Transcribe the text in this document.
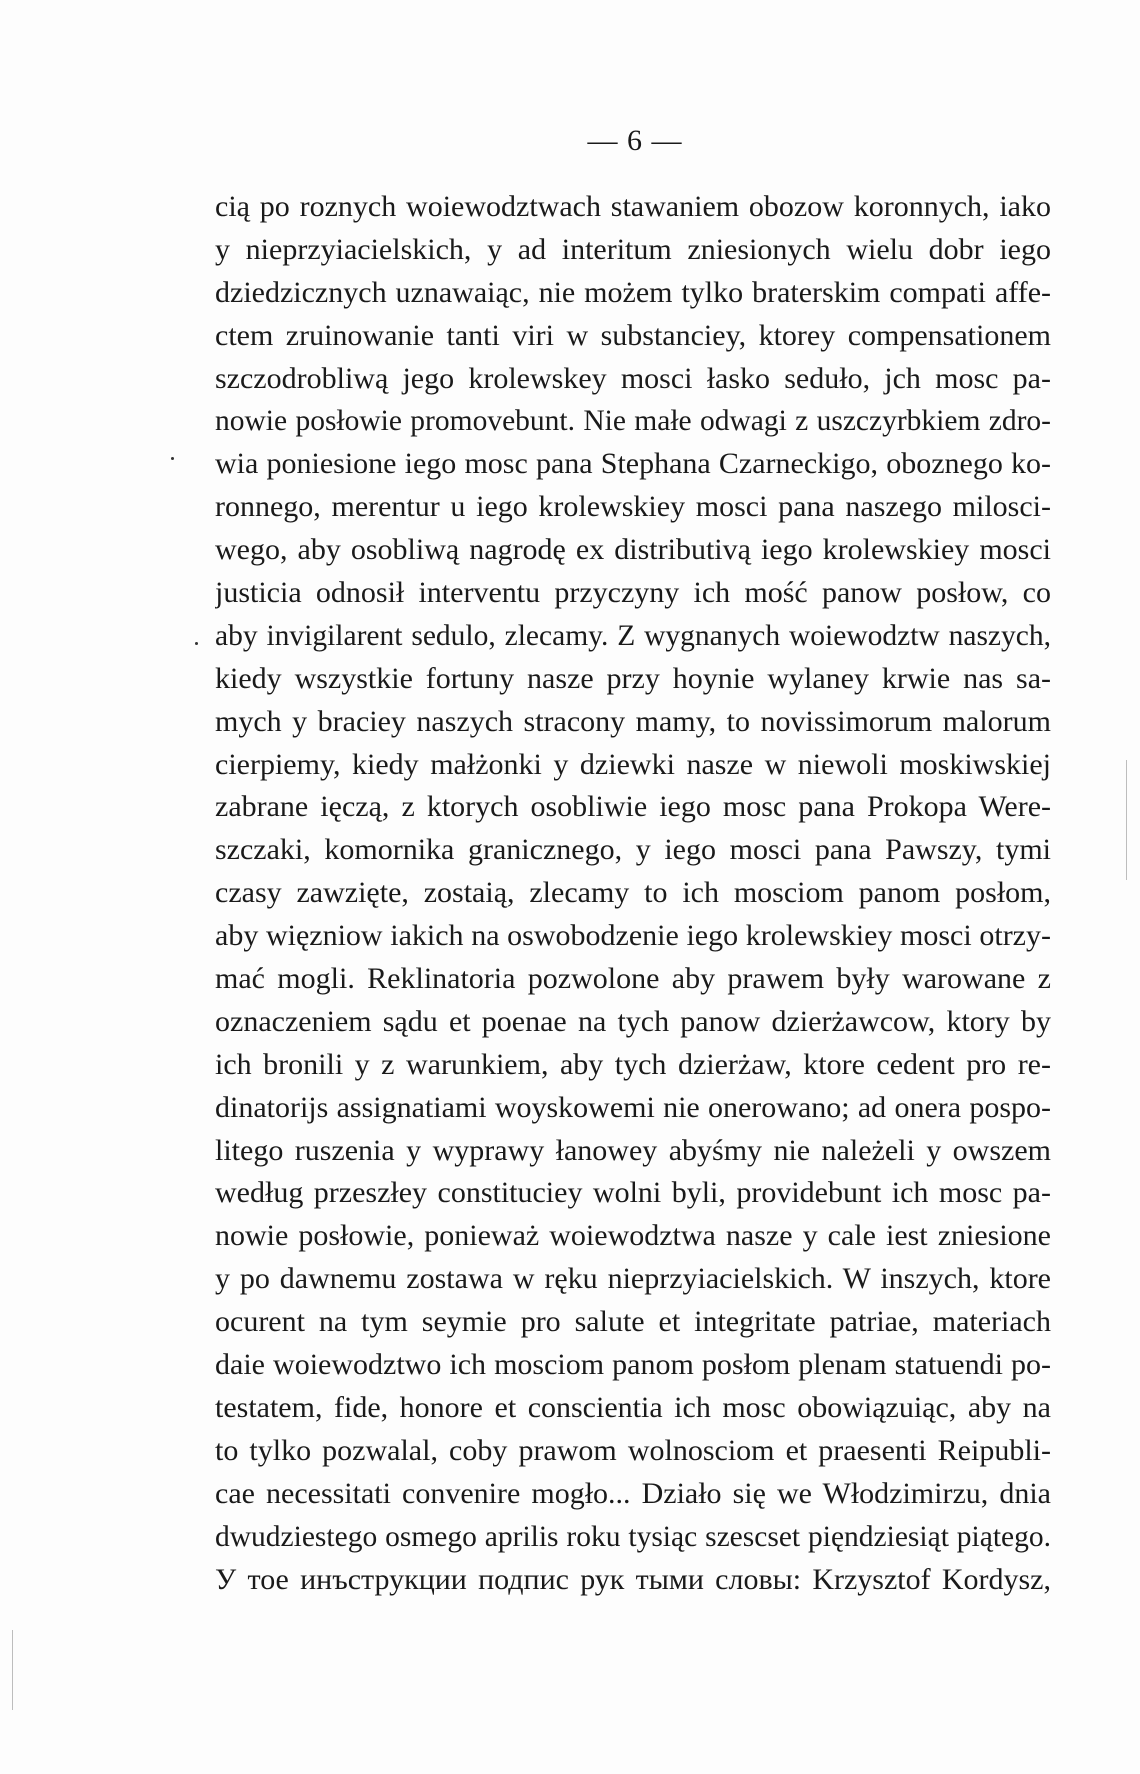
— 6 —
cią po roznych woiewodztwach stawaniem obozow koronnych, iako
y nieprzyiacielskich, y ad interitum zniesionych wielu dobr iego
dziedzicznych uznawaiąc, nie możem tylko braterskim compati affe-
ctem zruinowanie tanti viri w substanciey, ktorey compensationem
szczodrobliwą jego krolewskey mosci łasko seduło, jch mosc pa-
nowie posłowie promovebunt. Nie małe odwagi z uszczyrbkiem zdro-
wia poniesione iego mosc pana Stephana Czarneckigo, oboznego ko-
ronnego, merentur u iego krolewskiey mosci pana naszego milosci-
wego, aby osobliwą nagrodę ex distributivą iego krolewskiey mosci
justicia odnosił interventu przyczyny ich mość panow posłow, co
aby invigilarent sedulo, zlecamy. Z wygnanych woiewodztw naszych,
kiedy wszystkie fortuny nasze przy hoynie wylaney krwie nas sa-
mych y braciey naszych stracony mamy, to novissimorum malorum
cierpiemy, kiedy małżonki y dziewki nasze w niewoli moskiwskiej
zabrane ięczą, z ktorych osobliwie iego mosc pana Prokopa Were-
szczaki, komornika granicznego, y iego mosci pana Pawszy, tymi
czasy zawzięte, zostaią, zlecamy to ich mosciom panom posłom,
aby więzniow iakich na oswobodzenie iego krolewskiey mosci otrzy-
mać mogli. Reklinatoria pozwolone aby prawem były warowane z
oznaczeniem sądu et poenae na tych panow dzierżawcow, ktory by
ich bronili y z warunkiem, aby tych dzierżaw, ktore cedent pro re-
dinatorijs assignatiami woyskowemi nie onerowano; ad onera pospo-
litego ruszenia y wyprawy łanowey abyśmy nie należeli y owszem
według przeszłey constituciey wolni byli, providebunt ich mosc pa-
nowie posłowie, ponieważ woiewodztwa nasze y cale iest zniesione
y po dawnemu zostawa w ręku nieprzyiacielskich. W inszych, ktore
ocurent na tym seymie pro salute et integritate patriae, materiach
daie woiewodztwo ich mosciom panom posłom plenam statuendi po-
testatem, fide, honore et conscientia ich mosc obowiązuiąc, aby na
to tylko pozwalal, coby prawom wolnosciom et praesenti Reipubli-
cae necessitati convenire mogło... Działo się we Włodzimirzu, dnia
dwudziestego osmego aprilis roku tysiąc szescset pięndziesiąt piątego.
У тое инъструкции подпис рук тыми словы: Krzysztof Kordysz,
